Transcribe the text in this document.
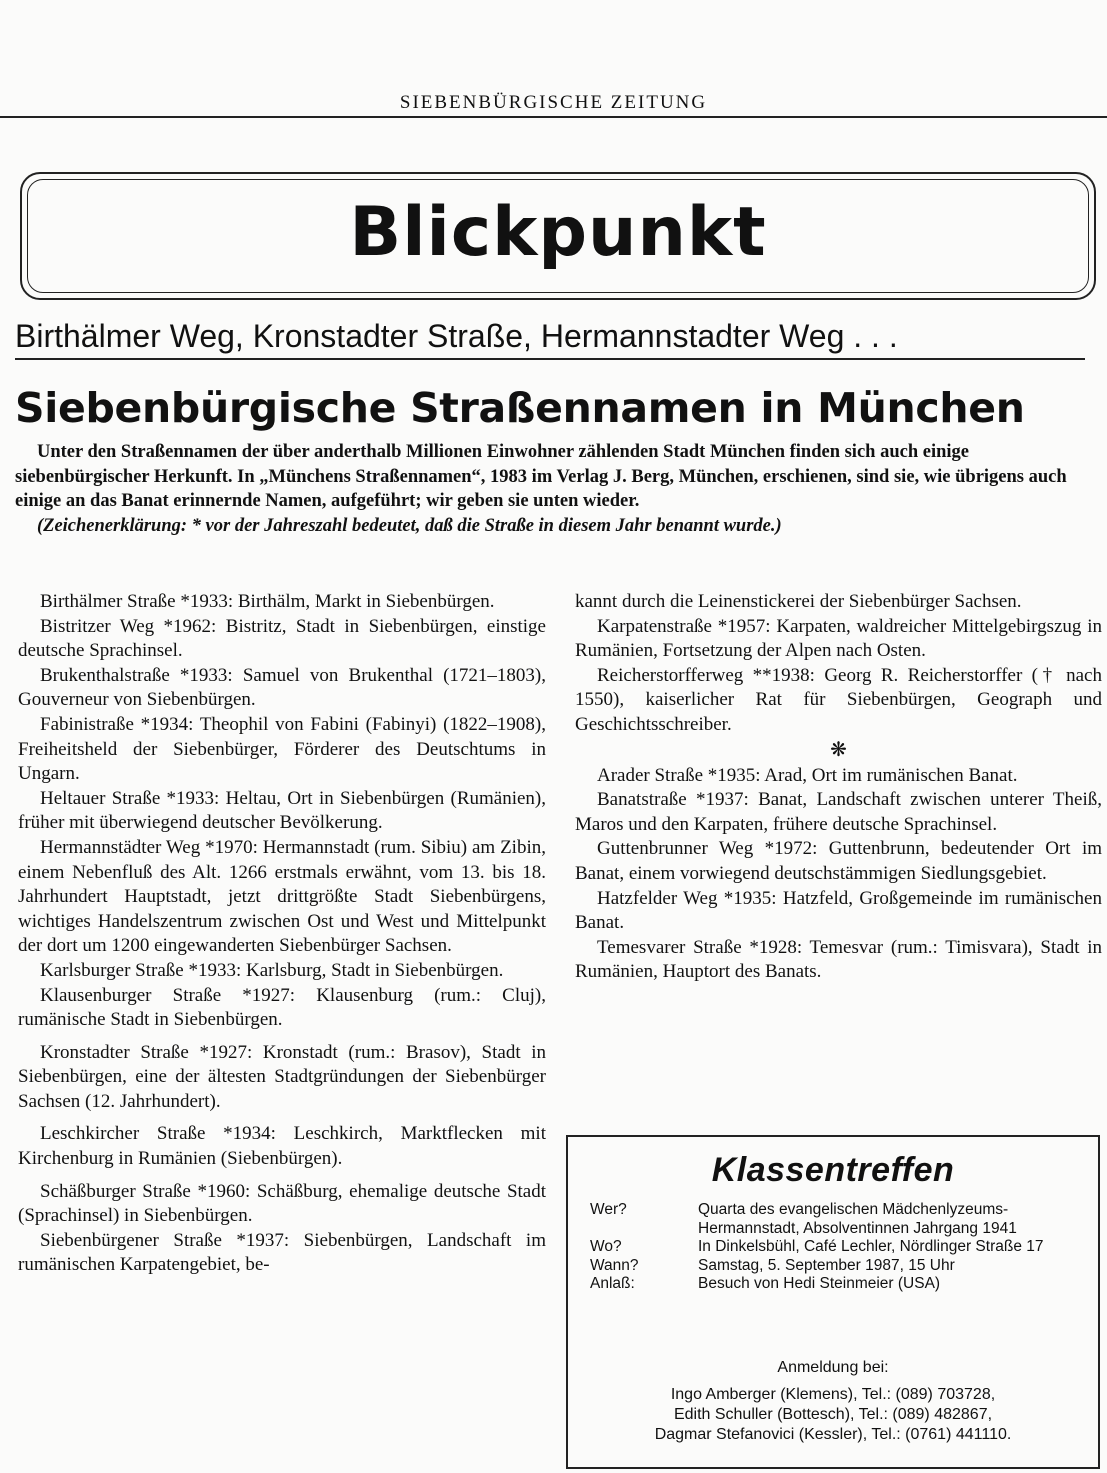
SIEBENBÜRGISCHE ZEITUNG
Blickpunkt
Birthälmer Weg, Kronstadter Straße, Hermannstadter Weg . . .
Siebenbürgische Straßennamen in München

Unter den Straßennamen der über anderthalb Millionen Einwohner zählenden Stadt München finden sich auch einige siebenbürgischer Herkunft. In „Münchens Straßennamen“, 1983 im Verlag J. Berg, München, erschienen, sind sie, wie übrigens auch einige an das Banat erinnernde Namen, aufgeführt; wir geben sie unten wieder.

(Zeichenerklärung: * vor der Jahreszahl bedeutet, daß die Straße in diesem Jahr benannt wurde.)

Birthälmer Straße *1933: Birthälm, Markt in Siebenbürgen.

Bistritzer Weg *1962: Bistritz, Stadt in Siebenbürgen, einstige deutsche Sprachinsel.

Brukenthalstraße *1933: Samuel von Brukenthal (1721–1803), Gouverneur von Siebenbürgen.

Fabinistraße *1934: Theophil von Fabini (Fabinyi) (1822–1908), Freiheitsheld der Siebenbürger, Förderer des Deutschtums in Ungarn.

Heltauer Straße *1933: Heltau, Ort in Siebenbürgen (Rumänien), früher mit überwiegend deutscher Bevölkerung.

Hermannstädter Weg *1970: Hermannstadt (rum. Sibiu) am Zibin, einem Nebenfluß des Alt. 1266 erstmals erwähnt, vom 13. bis 18. Jahrhundert Hauptstadt, jetzt drittgrößte Stadt Siebenbürgens, wichtiges Handelszentrum zwischen Ost und West und Mittelpunkt der dort um 1200 eingewanderten Siebenbürger Sachsen.

Karlsburger Straße *1933: Karlsburg, Stadt in Siebenbürgen.

Klausenburger Straße *1927: Klausenburg (rum.: Cluj), rumänische Stadt in Siebenbürgen.

Kronstadter Straße *1927: Kronstadt (rum.: Brasov), Stadt in Siebenbürgen, eine der ältesten Stadtgründungen der Siebenbürger Sachsen (12. Jahrhundert).

Leschkircher Straße *1934: Leschkirch, Marktflecken mit Kirchenburg in Rumänien (Siebenbürgen).

Schäßburger Straße *1960: Schäßburg, ehemalige deutsche Stadt (Sprachinsel) in Siebenbürgen.

Siebenbürgener Straße *1937: Siebenbürgen, Landschaft im rumänischen Karpatengebiet, be-

kannt durch die Leinenstickerei der Siebenbürger Sachsen.

Karpatenstraße *1957: Karpaten, waldreicher Mittelgebirgszug in Rumänien, Fortsetzung der Alpen nach Osten.

Reicherstorfferweg **1938: Georg R. Reicherstorffer († nach 1550), kaiserlicher Rat für Siebenbürgen, Geograph und Geschichtsschreiber.

❋

Arader Straße *1935: Arad, Ort im rumänischen Banat.

Banatstraße *1937: Banat, Landschaft zwischen unterer Theiß, Maros und den Karpaten, frühere deutsche Sprachinsel.

Guttenbrunner Weg *1972: Guttenbrunn, bedeutender Ort im Banat, einem vorwiegend deutschstämmigen Siedlungsgebiet.

Hatzfelder Weg *1935: Hatzfeld, Großgemeinde im rumänischen Banat.

Temesvarer Straße *1928: Temesvar (rum.: Timisvara), Stadt in Rumänien, Hauptort des Banats.

Klassentreffen
Wer?	Quarta des evangelischen Mädchenlyzeums-Hermannstadt, Absolventinnen Jahrgang 1941
Wo?	In Dinkelsbühl, Café Lechler, Nördlinger Straße 17
Wann?	Samstag, 5. September 1987, 15 Uhr
Anlaß:	Besuch von Hedi Steinmeier (USA)
Anmeldung bei:
Ingo Amberger (Klemens), Tel.: (089) 703728,
Edith Schuller (Bottesch), Tel.: (089) 482867,
Dagmar Stefanovici (Kessler), Tel.: (0761) 441110.
